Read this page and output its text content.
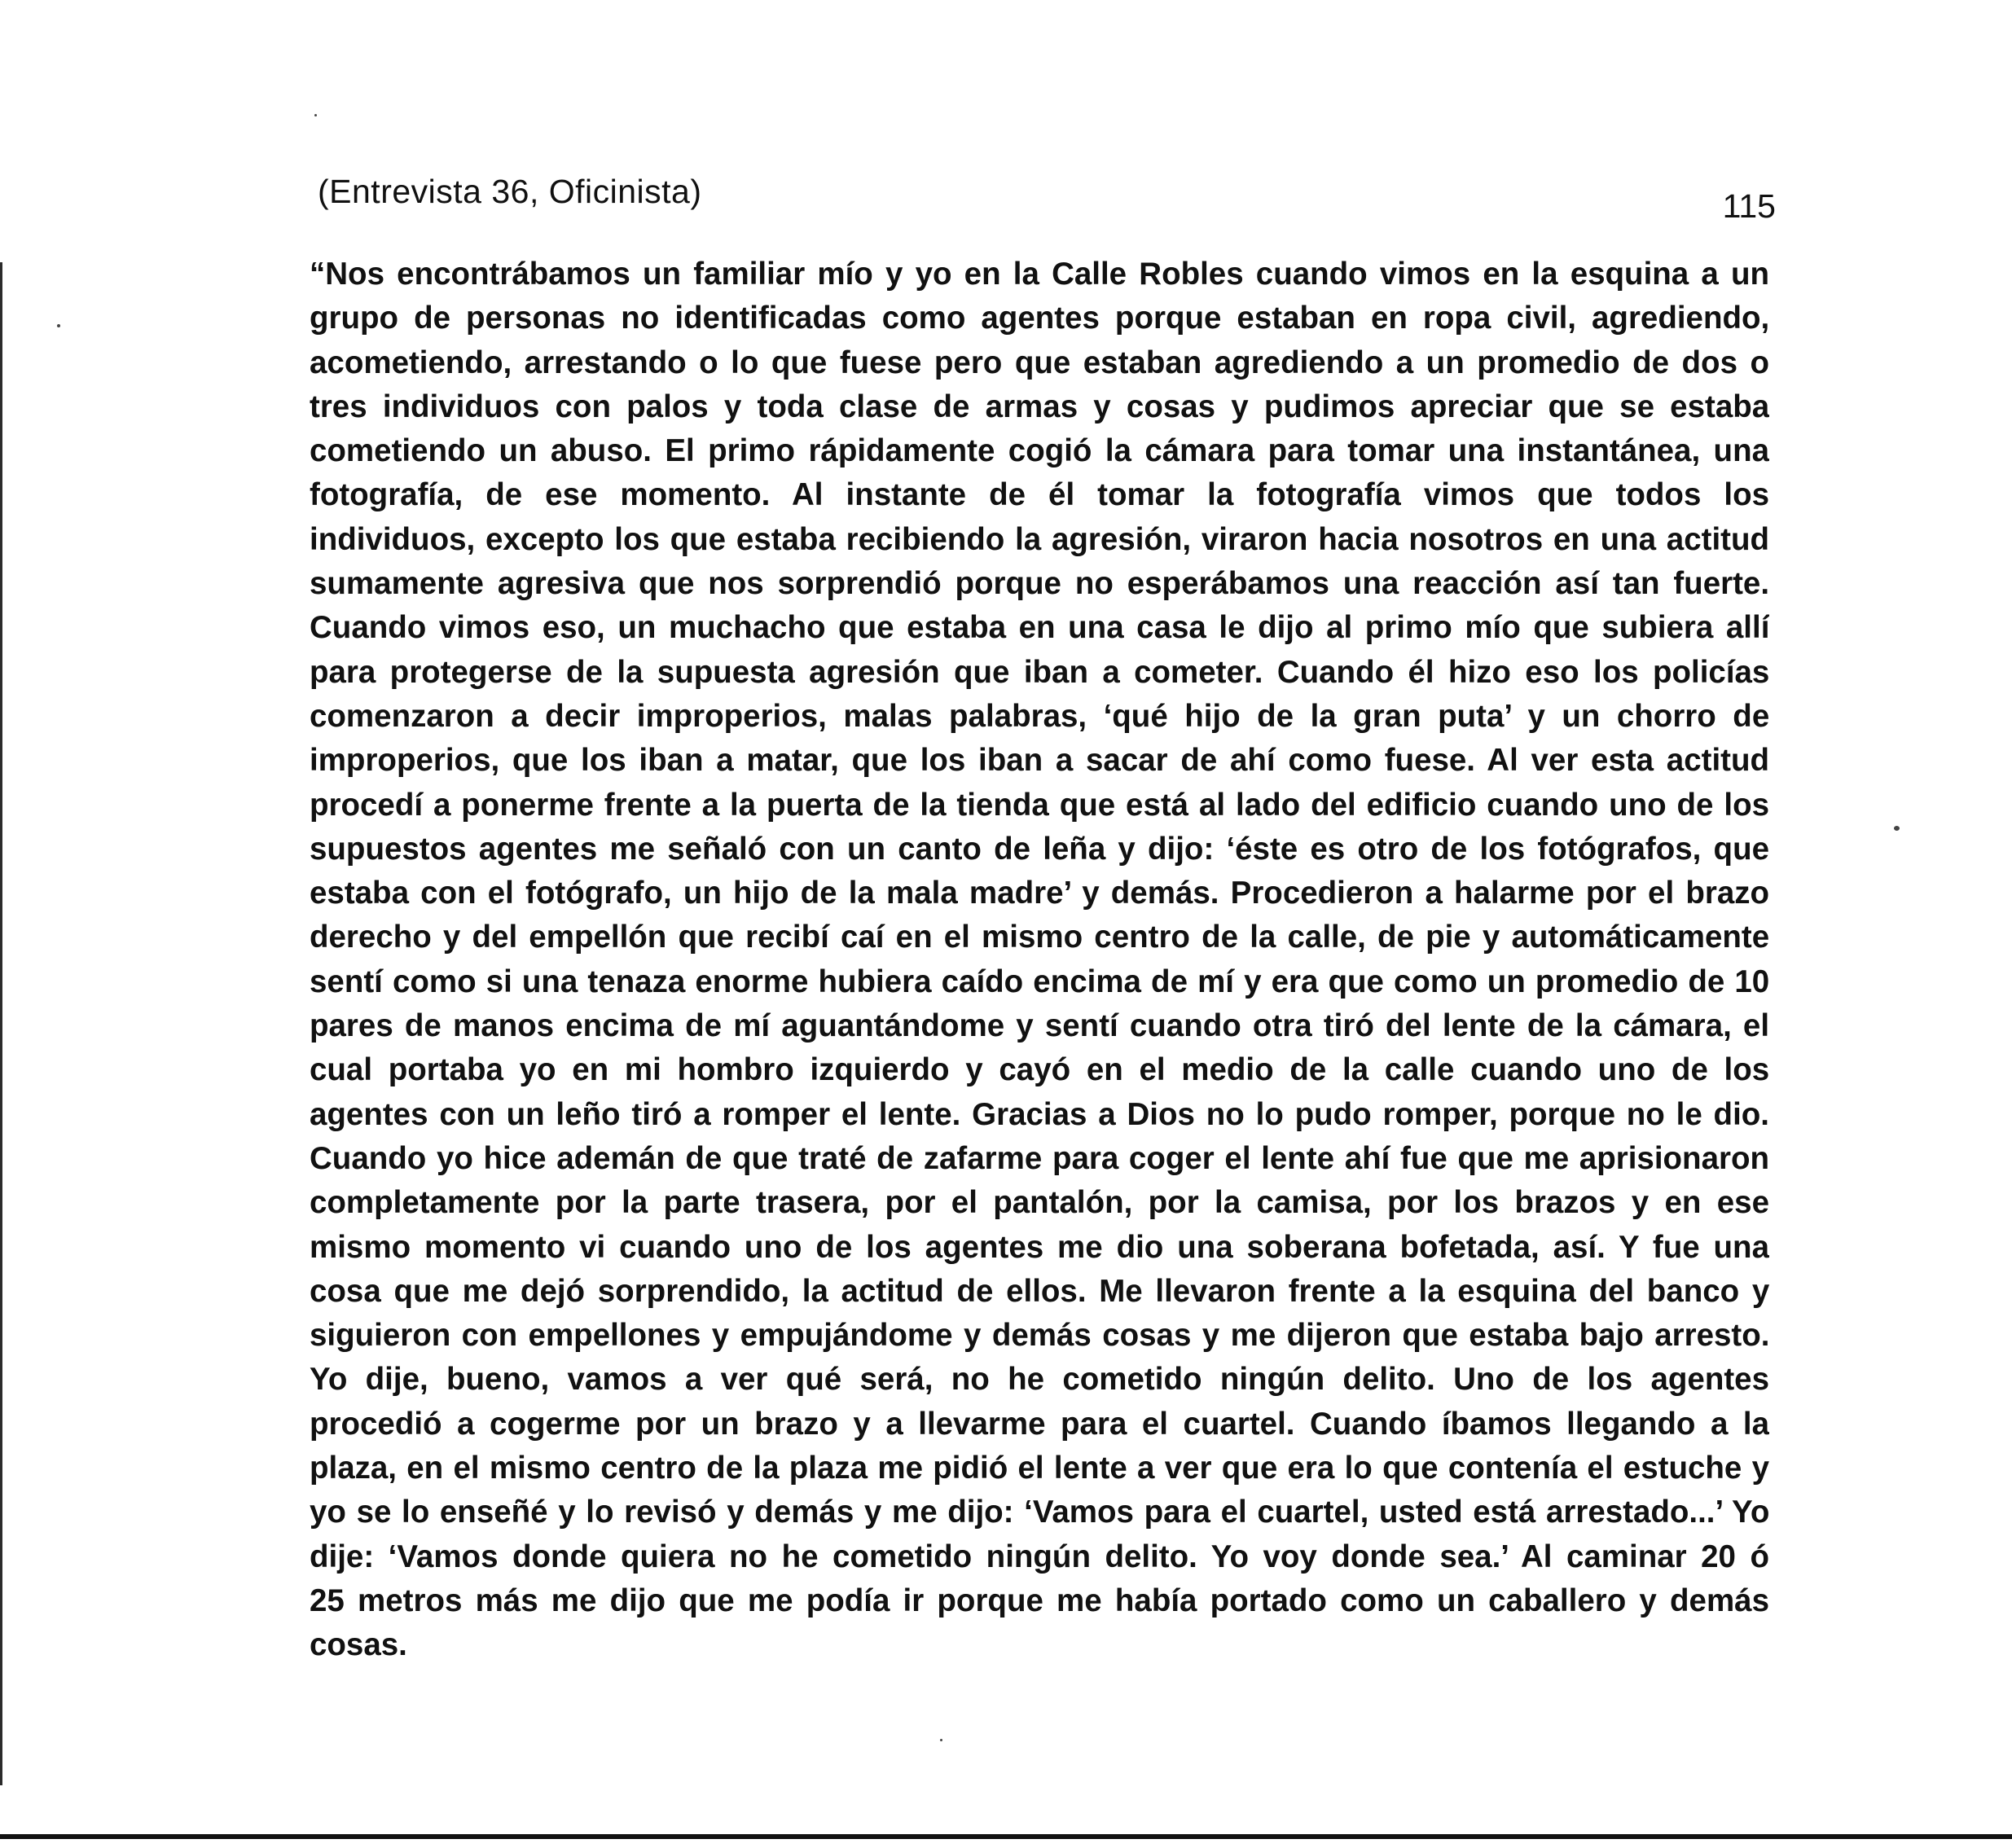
(Entrevista 36, Oficinista)	115
“Nos encontrábamos un familiar mío y yo en la Calle Robles cuando vimos en la esquina a un
grupo de personas no identificadas como agentes porque estaban en ropa civil, agrediendo,
acometiendo, arrestando o lo que fuese pero que estaban agrediendo a un promedio de dos o
tres individuos con palos y toda clase de armas y cosas y pudimos apreciar que se estaba
cometiendo un abuso. El primo rápidamente cogió la cámara para tomar una instantánea, una
fotografía, de ese momento. Al instante de él tomar la fotografía vimos que todos los
individuos, excepto los que estaba recibiendo la agresión, viraron hacia nosotros en una actitud
sumamente agresiva que nos sorprendió porque no esperábamos una reacción así tan fuerte.
Cuando vimos eso, un muchacho que estaba en una casa le dijo al primo mío que subiera allí
para protegerse de la supuesta agresión que iban a cometer. Cuando él hizo eso los policías
comenzaron a decir improperios, malas palabras, ‘qué hijo de la gran puta’ y un chorro de
improperios, que los iban a matar, que los iban a sacar de ahí como fuese. Al ver esta actitud
procedí a ponerme frente a la puerta de la tienda que está al lado del edificio cuando uno de los
supuestos agentes me señaló con un canto de leña y dijo: ‘éste es otro de los fotógrafos, que
estaba con el fotógrafo, un hijo de la mala madre’ y demás. Procedieron a halarme por el brazo
derecho y del empellón que recibí caí en el mismo centro de la calle, de pie y automáticamente
sentí como si una tenaza enorme hubiera caído encima de mí y era que como un promedio de 10
pares de manos encima de mí aguantándome y sentí cuando otra tiró del lente de la cámara, el
cual portaba yo en mi hombro izquierdo y cayó en el medio de la calle cuando uno de los
agentes con un leño tiró a romper el lente. Gracias a Dios no lo pudo romper, porque no le dio.
Cuando yo hice ademán de que traté de zafarme para coger el lente ahí fue que me aprisionaron
completamente por la parte trasera, por el pantalón, por la camisa, por los brazos y en ese
mismo momento vi cuando uno de los agentes me dio una soberana bofetada, así. Y fue una
cosa que me dejó sorprendido, la actitud de ellos. Me llevaron frente a la esquina del banco y
siguieron con empellones y empujándome y demás cosas y me dijeron que estaba bajo arresto.
Yo dije, bueno, vamos a ver qué será, no he cometido ningún delito. Uno de los agentes
procedió a cogerme por un brazo y a llevarme para el cuartel. Cuando íbamos llegando a la
plaza, en el mismo centro de la plaza me pidió el lente a ver que era lo que contenía el estuche y
yo se lo enseñé y lo revisó y demás y me dijo: ‘Vamos para el cuartel, usted está arrestado...’ Yo
dije: ‘Vamos donde quiera no he cometido ningún delito. Yo voy donde sea.’ Al caminar 20 ó
25 metros más me dijo que me podía ir porque me había portado como un caballero y demás
cosas.
